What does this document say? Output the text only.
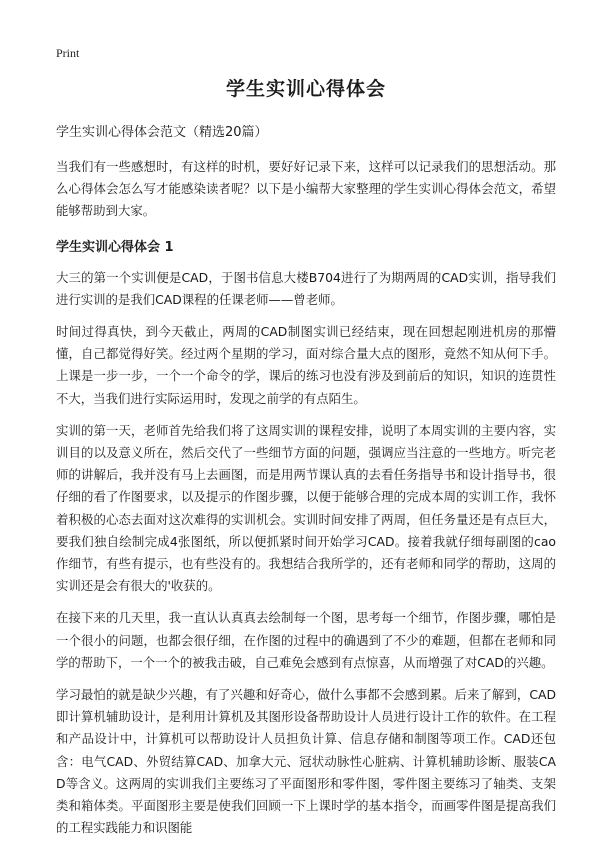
Print
学生实训心得体会

学生实训心得体会范文（精选20篇）

当我们有一些感想时，有这样的时机，要好好记录下来，这样可以记录我们的思想活动。那么心得体会怎么写才能感染读者呢？以下是小编帮大家整理的学生实训心得体会范文，希望能够帮助到大家。

学生实训心得体会 1

大三的第一个实训便是CAD，于图书信息大楼B704进行了为期两周的CAD实训，指导我们进行实训的是我们CAD课程的任课老师——曾老师。

时间过得真快，到今天截止，两周的CAD制图实训已经结束，现在回想起刚进机房的那懵懂，自己都觉得好笑。经过两个星期的学习，面对综合量大点的图形，竟然不知从何下手。上课是一步一步，一个一个命令的学，课后的练习也没有涉及到前后的知识，知识的连贯性不大，当我们进行实际运用时，发现之前学的有点陌生。

实训的第一天，老师首先给我们将了这周实训的课程安排，说明了本周实训的主要内容，实训目的以及意义所在，然后交代了一些细节方面的问题，强调应当注意的一些地方。听完老师的讲解后，我并没有马上去画图，而是用两节课认真的去看任务指导书和设计指导书，很仔细的看了作图要求，以及提示的作图步骤，以便于能够合理的完成本周的实训工作，我怀着积极的心态去面对这次难得的实训机会。实训时间安排了两周，但任务量还是有点巨大，要我们独自绘制完成4张图纸，所以便抓紧时间开始学习CAD。接着我就仔细每副图的cao作细节，有些有提示，也有些没有的。我想结合我所学的，还有老师和同学的帮助，这周的实训还是会有很大的'收获的。

在接下来的几天里，我一直认认真真去绘制每一个图，思考每一个细节，作图步骤，哪怕是一个很小的问题，也都会很仔细，在作图的过程中的确遇到了不少的难题，但都在老师和同学的帮助下，一个一个的被我击破，自己难免会感到有点惊喜，从而增强了对CAD的兴趣。

学习最怕的就是缺少兴趣，有了兴趣和好奇心，做什么事都不会感到累。后来了解到，CAD即计算机辅助设计，是利用计算机及其图形设备帮助设计人员进行设计工作的软件。在工程和产品设计中，计算机可以帮助设计人员担负计算、信息存储和制图等项工作。CAD还包含：电气CAD、外贸结算CAD、加拿大元、冠状动脉性心脏病、计算机辅助诊断、服装CAD等含义。这两周的实训我们主要练习了平面图形和零件图，零件图主要练习了轴类、支架类和箱体类。平面图形主要是使我们回顾一下上课时学的基本指令，而画零件图是提高我们的工程实践能力和识图能
